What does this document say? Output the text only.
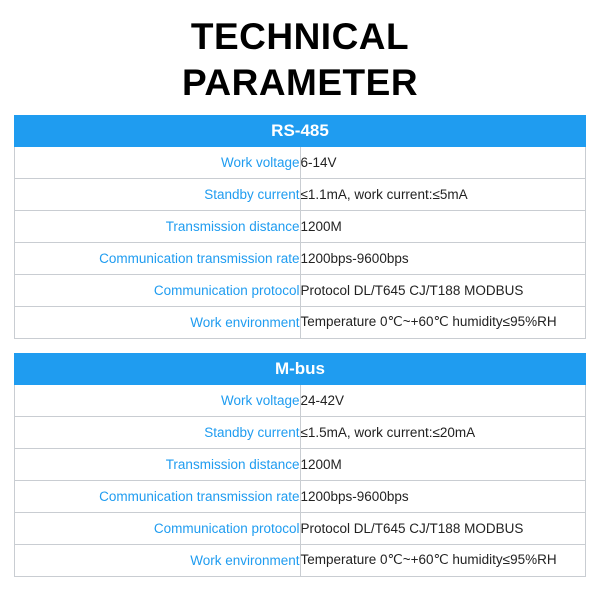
TECHNICAL
PARAMETER
RS-485	
Work voltage	6-14V
Standby current	≤1.1mA, work current:≤5mA
Transmission distance	1200M
Communication transmission rate	1200bps-9600bps
Communication protocol	Protocol DL/T645 CJ/T188 MODBUS
Work environment	Temperature 0℃~+60℃ humidity≤95%RH
M-bus	
Work voltage	24-42V
Standby current	≤1.5mA, work current:≤20mA
Transmission distance	1200M
Communication transmission rate	1200bps-9600bps
Communication protocol	Protocol DL/T645 CJ/T188 MODBUS
Work environment	Temperature 0℃~+60℃ humidity≤95%RH
